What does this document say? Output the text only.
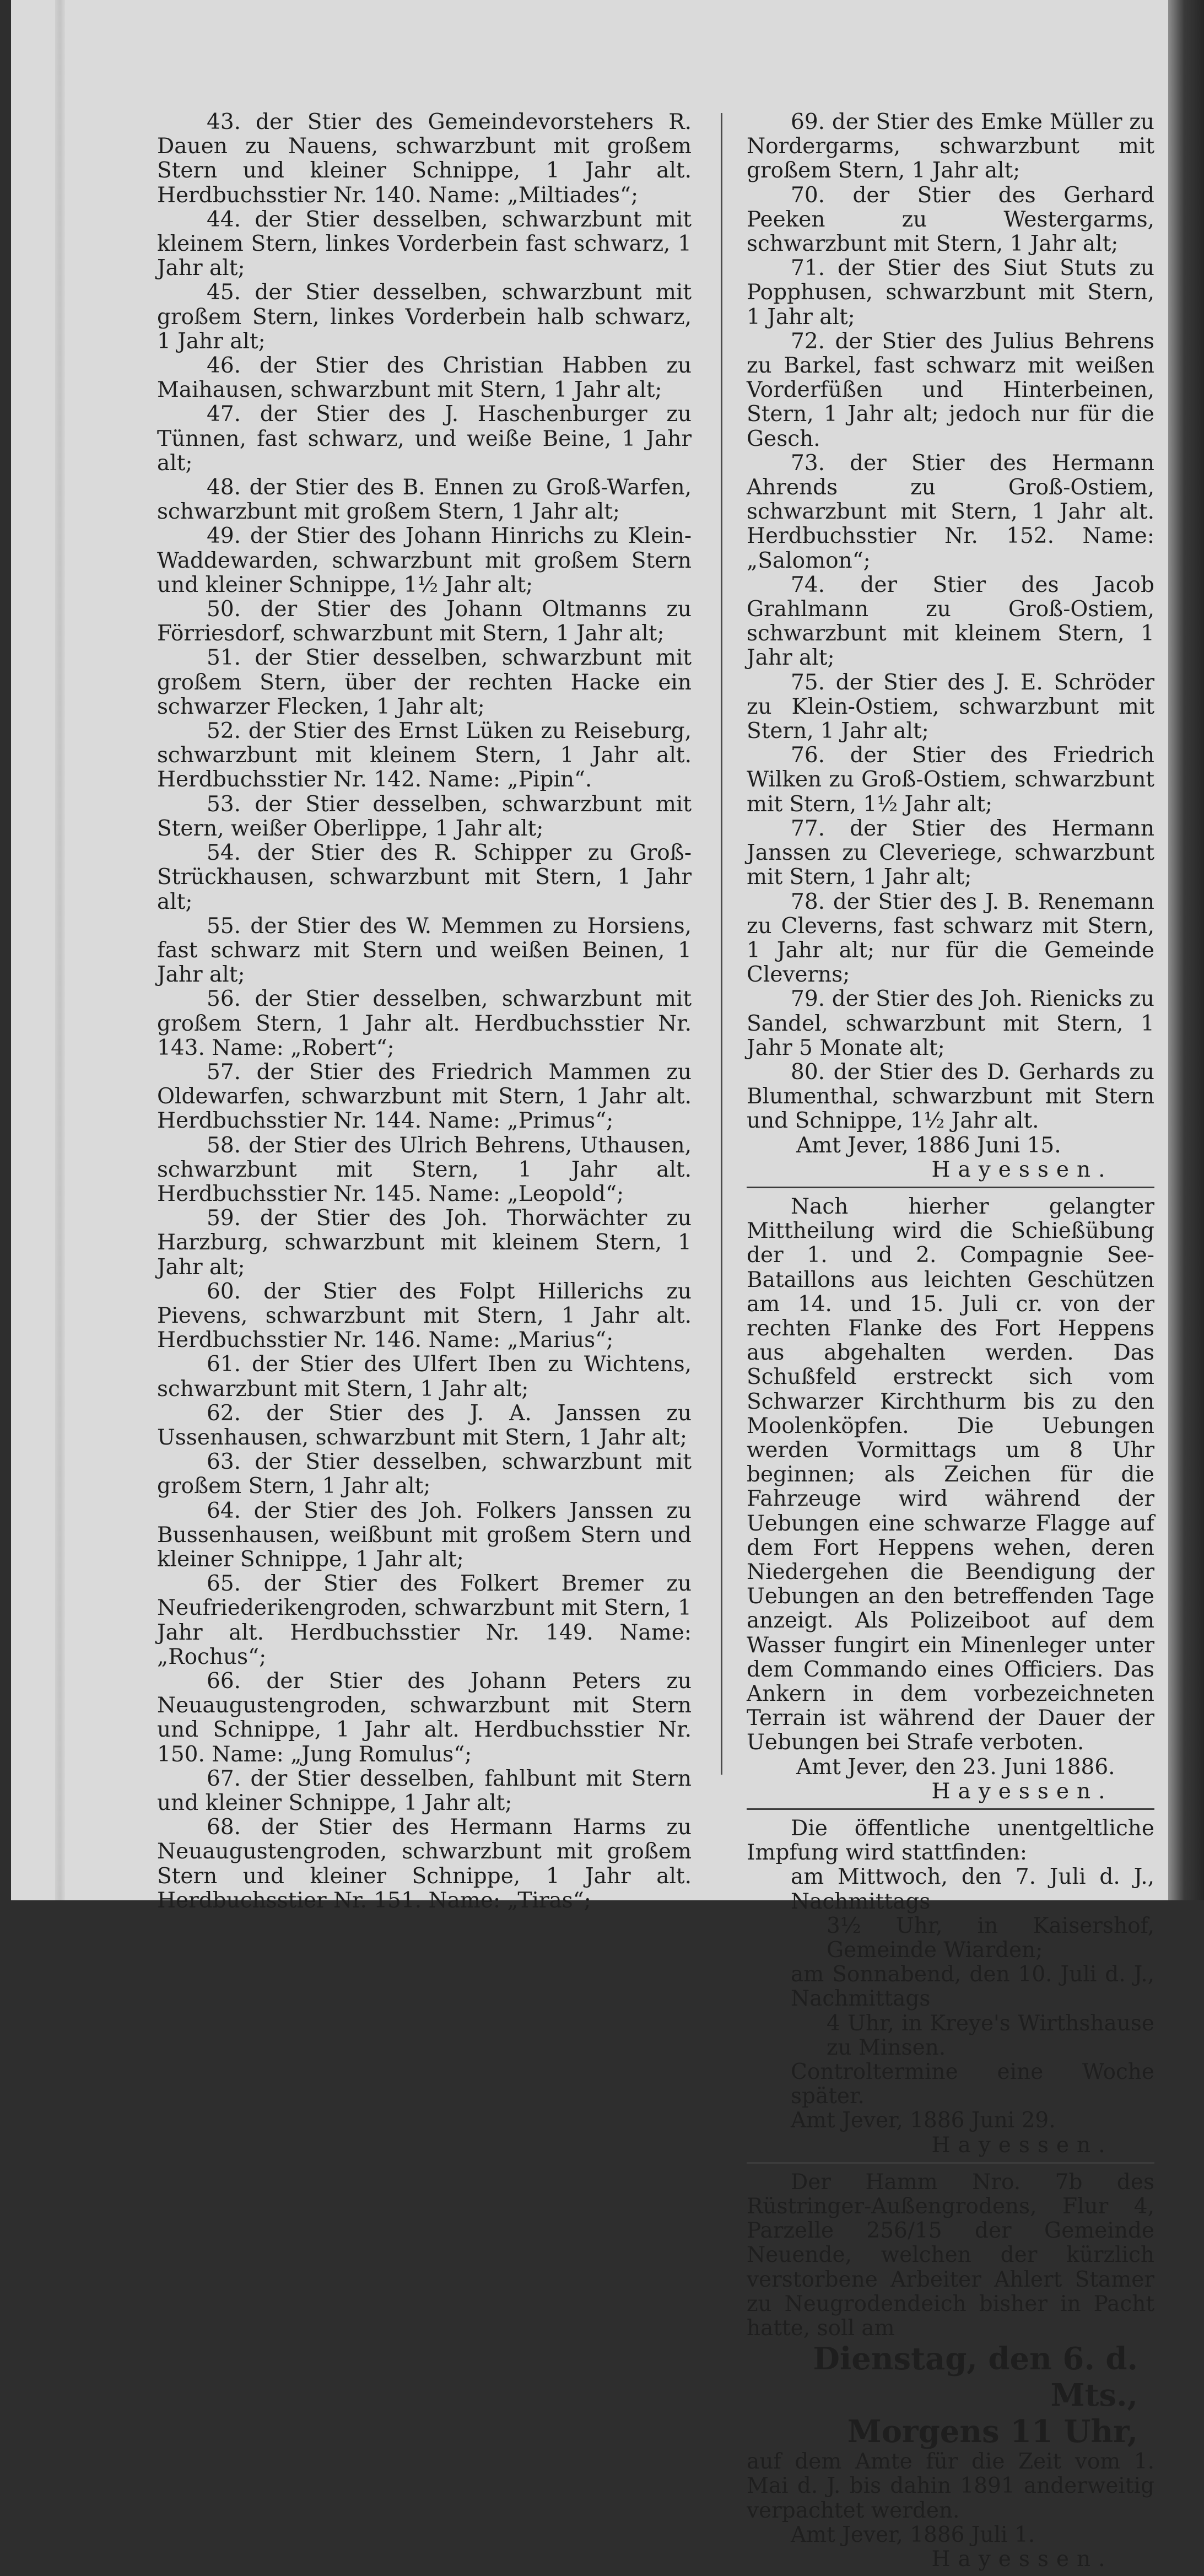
43. der Stier des Gemeindevorstehers R. Dauen zu Nauens, schwarzbunt mit großem Stern und kleiner Schnippe, 1 Jahr alt. Herdbuchsstier Nr. 140. Name: „Miltiades“;

44. der Stier desselben, schwarzbunt mit kleinem Stern, linkes Vorderbein fast schwarz, 1 Jahr alt;

45. der Stier desselben, schwarzbunt mit großem Stern, linkes Vorderbein halb schwarz, 1 Jahr alt;

46. der Stier des Christian Habben zu Maihausen, schwarzbunt mit Stern, 1 Jahr alt;

47. der Stier des J. Haschenburger zu Tünnen, fast schwarz, und weiße Beine, 1 Jahr alt;

48. der Stier des B. Ennen zu Groß-Warfen, schwarzbunt mit großem Stern, 1 Jahr alt;

49. der Stier des Johann Hinrichs zu Klein-Waddewarden, schwarzbunt mit großem Stern und kleiner Schnippe, 1½ Jahr alt;

50. der Stier des Johann Oltmanns zu Förriesdorf, schwarzbunt mit Stern, 1 Jahr alt;

51. der Stier desselben, schwarzbunt mit großem Stern, über der rechten Hacke ein schwarzer Flecken, 1 Jahr alt;

52. der Stier des Ernst Lüken zu Reiseburg, schwarzbunt mit kleinem Stern, 1 Jahr alt. Herdbuchsstier Nr. 142. Name: „Pipin“.

53. der Stier desselben, schwarzbunt mit Stern, weißer Oberlippe, 1 Jahr alt;

54. der Stier des R. Schipper zu Groß-Strückhausen, schwarzbunt mit Stern, 1 Jahr alt;

55. der Stier des W. Memmen zu Horsiens, fast schwarz mit Stern und weißen Beinen, 1 Jahr alt;

56. der Stier desselben, schwarzbunt mit großem Stern, 1 Jahr alt. Herdbuchsstier Nr. 143. Name: „Robert“;

57. der Stier des Friedrich Mammen zu Oldewarfen, schwarzbunt mit Stern, 1 Jahr alt. Herdbuchsstier Nr. 144. Name: „Primus“;

58. der Stier des Ulrich Behrens, Uthausen, schwarzbunt mit Stern, 1 Jahr alt. Herdbuchsstier Nr. 145. Name: „Leopold“;

59. der Stier des Joh. Thorwächter zu Harzburg, schwarzbunt mit kleinem Stern, 1 Jahr alt;

60. der Stier des Folpt Hillerichs zu Pievens, schwarzbunt mit Stern, 1 Jahr alt. Herdbuchsstier Nr. 146. Name: „Marius“;

61. der Stier des Ulfert Iben zu Wichtens, schwarzbunt mit Stern, 1 Jahr alt;

62. der Stier des J. A. Janssen zu Ussenhausen, schwarzbunt mit Stern, 1 Jahr alt;

63. der Stier desselben, schwarzbunt mit großem Stern, 1 Jahr alt;

64. der Stier des Joh. Folkers Janssen zu Bussenhausen, weißbunt mit großem Stern und kleiner Schnippe, 1 Jahr alt;

65. der Stier des Folkert Bremer zu Neufriederikengroden, schwarzbunt mit Stern, 1 Jahr alt. Herdbuchsstier Nr. 149. Name: „Rochus“;

66. der Stier des Johann Peters zu Neuaugustengroden, schwarzbunt mit Stern und Schnippe, 1 Jahr alt. Herdbuchsstier Nr. 150. Name: „Jung Romulus“;

67. der Stier desselben, fahlbunt mit Stern und kleiner Schnippe, 1 Jahr alt;

68. der Stier des Hermann Harms zu Neuaugustengroden, schwarzbunt mit großem Stern und kleiner Schnippe, 1 Jahr alt. Herdbuchsstier Nr. 151. Name: „Tiras“;

69. der Stier des Emke Müller zu Nordergarms, schwarzbunt mit großem Stern, 1 Jahr alt;

70. der Stier des Gerhard Peeken zu Westergarms, schwarzbunt mit Stern, 1 Jahr alt;

71. der Stier des Siut Stuts zu Popphusen, schwarzbunt mit Stern, 1 Jahr alt;

72. der Stier des Julius Behrens zu Barkel, fast schwarz mit weißen Vorderfüßen und Hinterbeinen, Stern, 1 Jahr alt; jedoch nur für die Gesch.

73. der Stier des Hermann Ahrends zu Groß-Ostiem, schwarzbunt mit Stern, 1 Jahr alt. Herdbuchsstier Nr. 152. Name: „Salomon“;

74. der Stier des Jacob Grahlmann zu Groß-Ostiem, schwarzbunt mit kleinem Stern, 1 Jahr alt;

75. der Stier des J. E. Schröder zu Klein-Ostiem, schwarzbunt mit Stern, 1 Jahr alt;

76. der Stier des Friedrich Wilken zu Groß-Ostiem, schwarzbunt mit Stern, 1½ Jahr alt;

77. der Stier des Hermann Janssen zu Cleveriege, schwarzbunt mit Stern, 1 Jahr alt;

78. der Stier des J. B. Renemann zu Cleverns, fast schwarz mit Stern, 1 Jahr alt; nur für die Gemeinde Cleverns;

79. der Stier des Joh. Rienicks zu Sandel, schwarzbunt mit Stern, 1 Jahr 5 Monate alt;

80. der Stier des D. Gerhards zu Blumenthal, schwarzbunt mit Stern und Schnippe, 1½ Jahr alt.

Amt Jever, 1886 Juni 15.

Hayessen.

Nach hierher gelangter Mittheilung wird die Schießübung der 1. und 2. Compagnie See-Bataillons aus leichten Geschützen am 14. und 15. Juli cr. von der rechten Flanke des Fort Heppens aus abgehalten werden. Das Schußfeld erstreckt sich vom Schwarzer Kirchthurm bis zu den Moolenköpfen. Die Uebungen werden Vormittags um 8 Uhr beginnen; als Zeichen für die Fahrzeuge wird während der Uebungen eine schwarze Flagge auf dem Fort Heppens wehen, deren Niedergehen die Beendigung der Uebungen an den betreffenden Tage anzeigt. Als Polizeiboot auf dem Wasser fungirt ein Minenleger unter dem Commando eines Officiers. Das Ankern in dem vorbezeichneten Terrain ist während der Dauer der Uebungen bei Strafe verboten.

Amt Jever, den 23. Juni 1886.

Hayessen.

Die öffentliche unentgeltliche Impfung wird stattfinden:

am Mittwoch, den 7. Juli d. J., Nachmittags

3½ Uhr, in Kaisershof, Gemeinde Wiarden;

am Sonnabend, den 10. Juli d. J., Nachmittags

4 Uhr, in Kreye's Wirthshause zu Minsen.

Controltermine eine Woche später.

Amt Jever, 1886 Juni 29.

Hayessen.

Der Hamm Nro. 7b des Rüstringer-Außengrodens, Flur 4, Parzelle 256/15 der Gemeinde Neuende, welchen der kürzlich verstorbene Arbeiter Ahlert Stamer zu Neugrodendeich bisher in Pacht hatte, soll am

Dienstag, den 6. d. Mts.,

Morgens 11 Uhr,

auf dem Amte für die Zeit vom 1. Mai d. J. bis dahin 1891 anderweitig verpachtet werden.

Amt Jever, 1886 Juli 1.

Hayessen.
